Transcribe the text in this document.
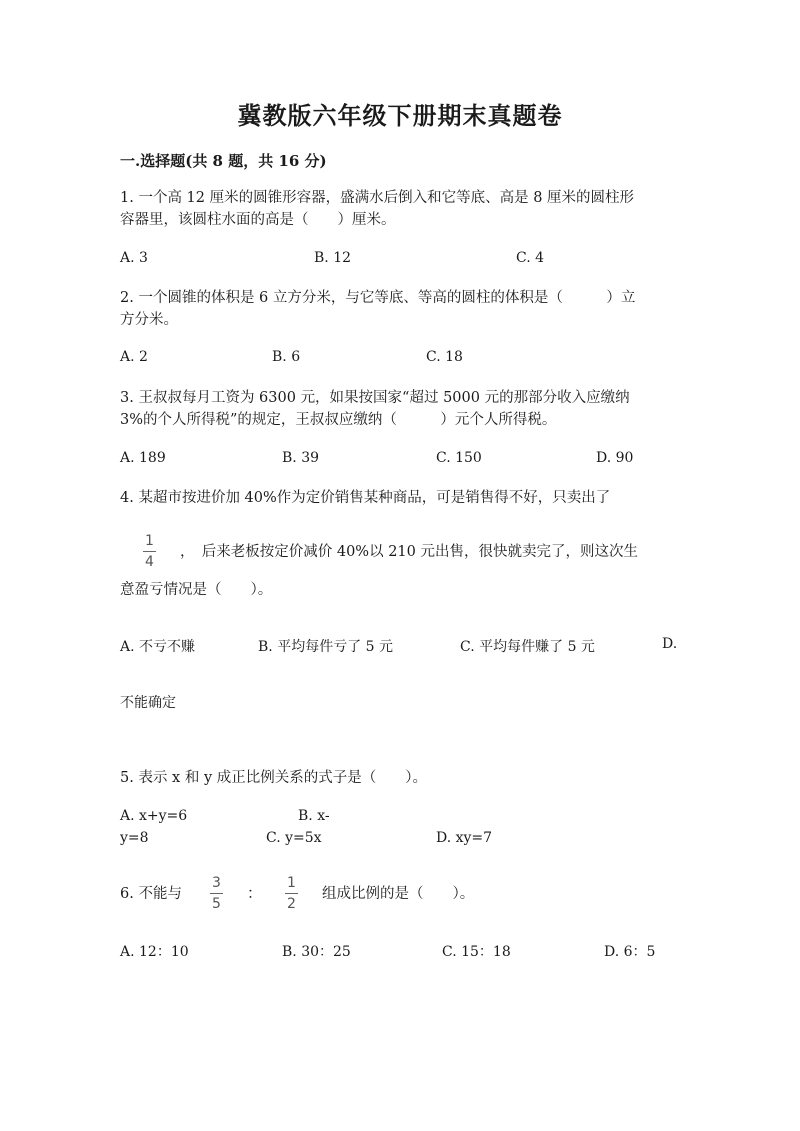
冀教版六年级下册期末真题卷
一.选择题(共 8 题，共 16 分)
1. 一个高 12 厘米的圆锥形容器，盛满水后倒入和它等底、高是 8 厘米的圆柱形
容器里，该圆柱水面的高是（　　）厘米。
A. 3	B. 12	C. 4
2. 一个圆锥的体积是 6 立方分米，与它等底、等高的圆柱的体积是（　　　）立
方分米。
A. 2	B. 6	C. 18
3. 王叔叔每月工资为 6300 元，如果按国家“超过 5000 元的那部分收入应缴纳
3%的个人所得税”的规定，王叔叔应缴纳（　　　）元个人所得税。
A. 189	B. 39	C. 150	D. 90
4. 某超市按进价加 40%作为定价销售某种商品，可是销售得不好，只卖出了
1
4
，　后来老板按定价减价 40%以 210 元出售，很快就卖完了，则这次生
意盈亏情况是（　　）。
A. 不亏不赚	B. 平均每件亏了 5 元	C. 平均每件赚了 5 元	D.
不能确定
5. 表示 x 和 y 成正比例关系的式子是（　　）。
A. x+y=6	B. x-
y=8	C. y=5x	D. xy=7
6. 不能与
3
5
：
1
2
组成比例的是（　　）。
A. 12：10	B. 30：25	C. 15：18	D. 6：5
